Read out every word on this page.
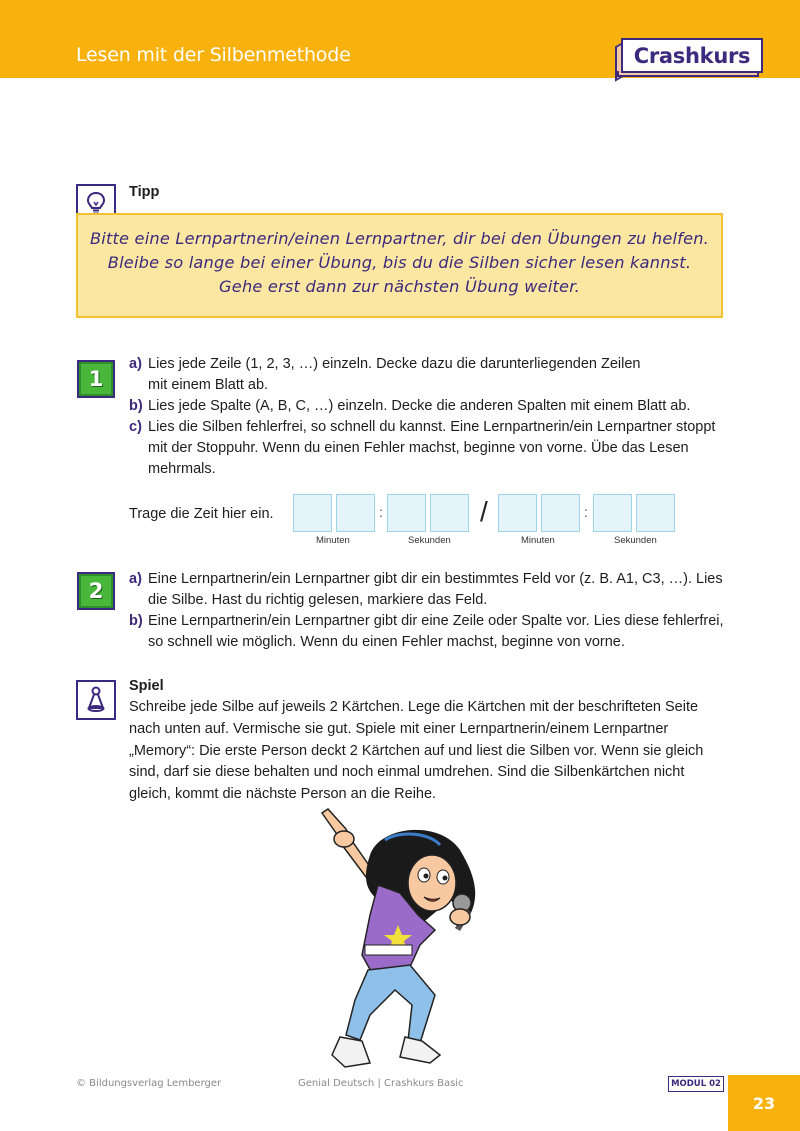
Lesen mit der Silbenmethode	Crashkurs
Tipp
Bitte eine Lernpartnerin/einen Lernpartner, dir bei den Übungen zu helfen.
Bleibe so lange bei einer Übung, bis du die Silben sicher lesen kannst.
Gehe erst dann zur nächsten Übung weiter.
1
a) Lies jede Zeile (1, 2, 3, …) einzeln. Decke dazu die darunterliegenden Zeilen mit einem Blatt ab.
b) Lies jede Spalte (A, B, C, …) einzeln. Decke die anderen Spalten mit einem Blatt ab.
c) Lies die Silben fehlerfrei, so schnell du kannst. Eine Lernpartnerin/ein Lernpartner stoppt mit der Stoppuhr. Wenn du einen Fehler machst, beginne von vorne. Übe das Lesen mehrmals.
Trage die Zeit hier ein.	:	/	:
Minuten	Sekunden	Minuten	Sekunden
2	a) Eine Lernpartnerin/ein Lernpartner gibt dir ein bestimmtes Feld vor (z. B. A1, C3, …). Lies die Silbe. Hast du richtig gelesen, markiere das Feld.
b) Eine Lernpartnerin/ein Lernpartner gibt dir eine Zeile oder Spalte vor. Lies diese fehlerfrei, so schnell wie möglich. Wenn du einen Fehler machst, beginne von vorne.
Spiel
Schreibe jede Silbe auf jeweils 2 Kärtchen. Lege die Kärtchen mit der beschrifteten Seite nach unten auf. Vermische sie gut. Spiele mit einer Lernpartnerin/einem Lernpartner „Memory“: Die erste Person deckt 2 Kärtchen auf und liest die Silben vor. Wenn sie gleich sind, darf sie diese behalten und noch einmal umdrehen. Sind die Silbenkärtchen nicht gleich, kommt die nächste Person an die Reihe.
© Bildungsverlag Lemberger	Genial Deutsch | Crashkurs Basic	MODUL 02
23
